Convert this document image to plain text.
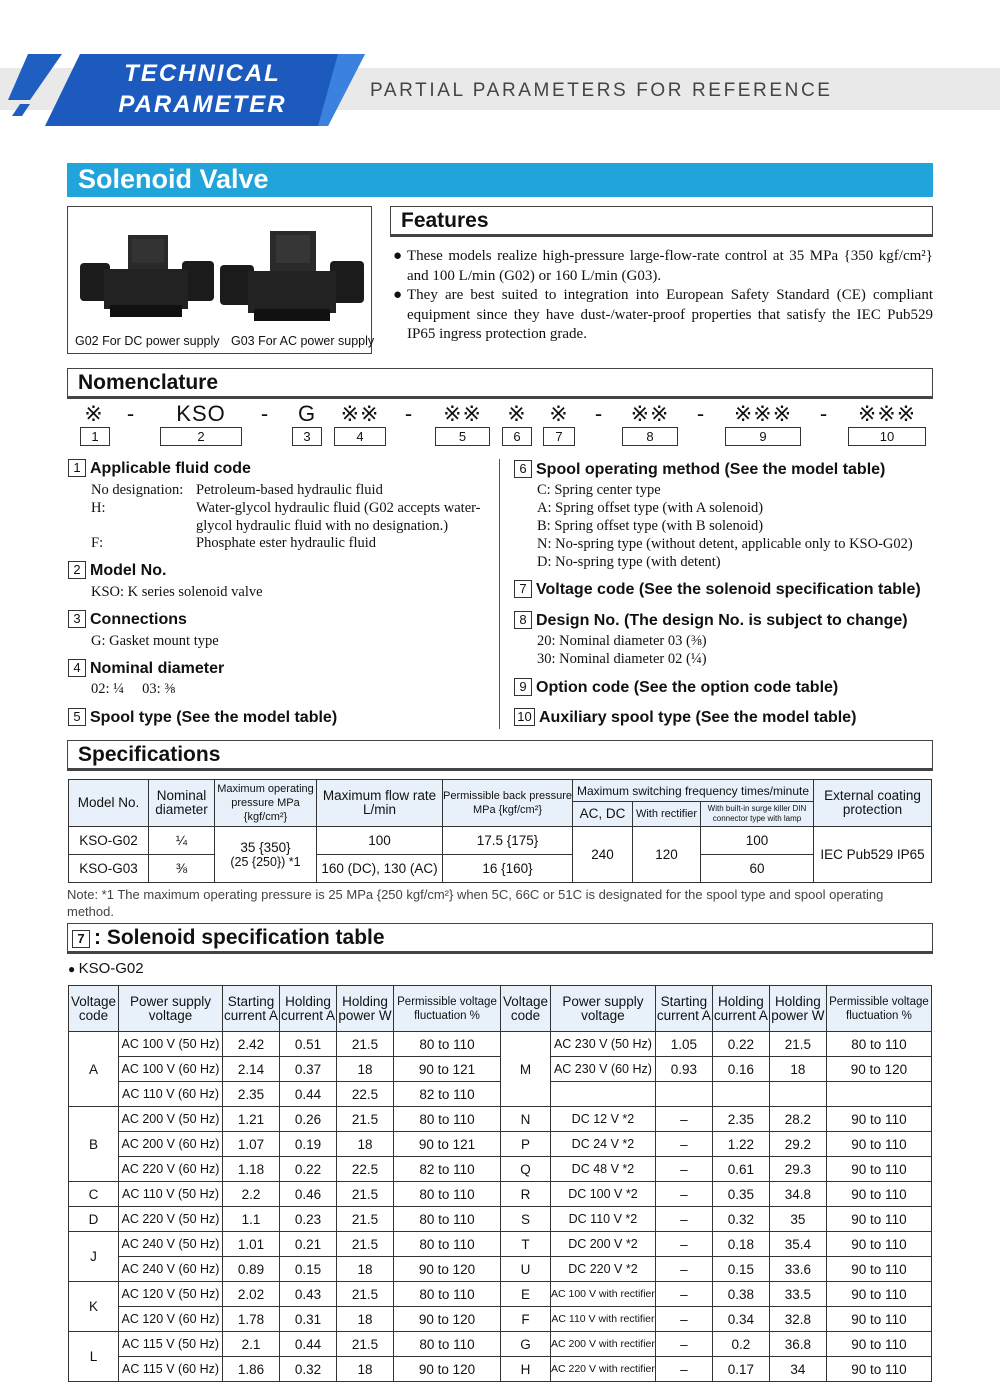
TECHNICAL
PARAMETER
PARTIAL PARAMETERS FOR REFERENCE
Solenoid Valve
G02 For DC power supply G03 For AC power supply
Features
● These models realize high-pressure large-flow-rate control at 35 MPa {350 kgf/cm²} and 100 L/min (G02) or 160 L/min (G03).
● They are best suited to integration into European Safety Standard (CE) compliant equipment since they have dust-/water-proof properties that satisfy the IEC Pub529 IP65 ingress protection grade.
Nomenclature
※ -	KSO	- G ※※ -	※※	※ ※ -	※※	-	※※※	-	※※※
1	2	3	4	5	6	7	8	9	10
1 Applicable fluid code
No designation: Petroleum-based hydraulic fluid
H:	Water-glycol hydraulic fluid (G02 accepts water-glycol hydraulic fluid with no designation.)
F:	Phosphate ester hydraulic fluid
2 Model No.
KSO: K series solenoid valve
3 Connections
G: Gasket mount type
4 Nominal diameter
02: ¼     03: ⅜
5 Spool type (See the model table)
6 Spool operating method (See the model table)
C: Spring center type
A: Spring offset type (with A solenoid)
B: Spring offset type (with B solenoid)
N: No-spring type (without detent, applicable only to KSO-G02)
D: No-spring type (with detent)
7 Voltage code (See the solenoid specification table)
8 Design No. (The design No. is subject to change)
20: Nominal diameter 03 (⅜)
30: Nominal diameter 02 (¼)
9 Option code (See the option code table)
10 Auxiliary spool type (See the model table)
Specifications
Model No.	Nominal diameter	Maximum operating pressure MPa {kgf/cm²}	Maximum flow rate L/min	Permissible back pressure MPa {kgf/cm²}	Maximum switching frequency times/minute			External coating protection
					AC, DC	With rectifier	With built-in surge killer DIN connector type with lamp	
KSO-G02	¼	35 {350}
(25 {250}) *1	100	17.5 {175}	240	120	100	IEC Pub529 IP65
KSO-G03	⅜		160 (DC), 130 (AC)	16 {160}			60	
Note: *1 The maximum operating pressure is 25 MPa {250 kgf/cm²} when 5C, 66C or 51C is designated for the spool type and spool operating method.
7 : Solenoid specification table
● KSO-G02
Voltage code	Power supply voltage	Starting current A	Holding current A	Holding power W	Permissible voltage fluctuation %	Voltage code	Power supply voltage	Starting current A	Holding current A	Holding power W	Permissible voltage fluctuation %
A	AC 100 V (50 Hz)	2.42	0.51	21.5	80 to 110	M	AC 230 V (50 Hz)	1.05	0.22	21.5	80 to 110
	AC 100 V (60 Hz)	2.14	0.37	18	90 to 121		AC 230 V (60 Hz)	0.93	0.16	18	90 to 120
	AC 110 V (60 Hz)	2.35	0.44	22.5	82 to 110						
B	AC 200 V (50 Hz)	1.21	0.26	21.5	80 to 110	N	DC 12 V *2	–	2.35	28.2	90 to 110
	AC 200 V (60 Hz)	1.07	0.19	18	90 to 121	P	DC 24 V *2	–	1.22	29.2	90 to 110
	AC 220 V (60 Hz)	1.18	0.22	22.5	82 to 110	Q	DC 48 V *2	–	0.61	29.3	90 to 110
C	AC 110 V (50 Hz)	2.2	0.46	21.5	80 to 110	R	DC 100 V *2	–	0.35	34.8	90 to 110
D	AC 220 V (50 Hz)	1.1	0.23	21.5	80 to 110	S	DC 110 V *2	–	0.32	35	90 to 110
J	AC 240 V (50 Hz)	1.01	0.21	21.5	80 to 110	T	DC 200 V *2	–	0.18	35.4	90 to 110
	AC 240 V (60 Hz)	0.89	0.15	18	90 to 120	U	DC 220 V *2	–	0.15	33.6	90 to 110
K	AC 120 V (50 Hz)	2.02	0.43	21.5	80 to 110	E	AC 100 V with rectifier	–	0.38	33.5	90 to 110
	AC 120 V (60 Hz)	1.78	0.31	18	90 to 120	F	AC 110 V with rectifier	–	0.34	32.8	90 to 110
L	AC 115 V (50 Hz)	2.1	0.44	21.5	80 to 110	G	AC 200 V with rectifier	–	0.2	36.8	90 to 110
	AC 115 V (60 Hz)	1.86	0.32	18	90 to 120	H	AC 220 V with rectifier	–	0.17	34	90 to 110
